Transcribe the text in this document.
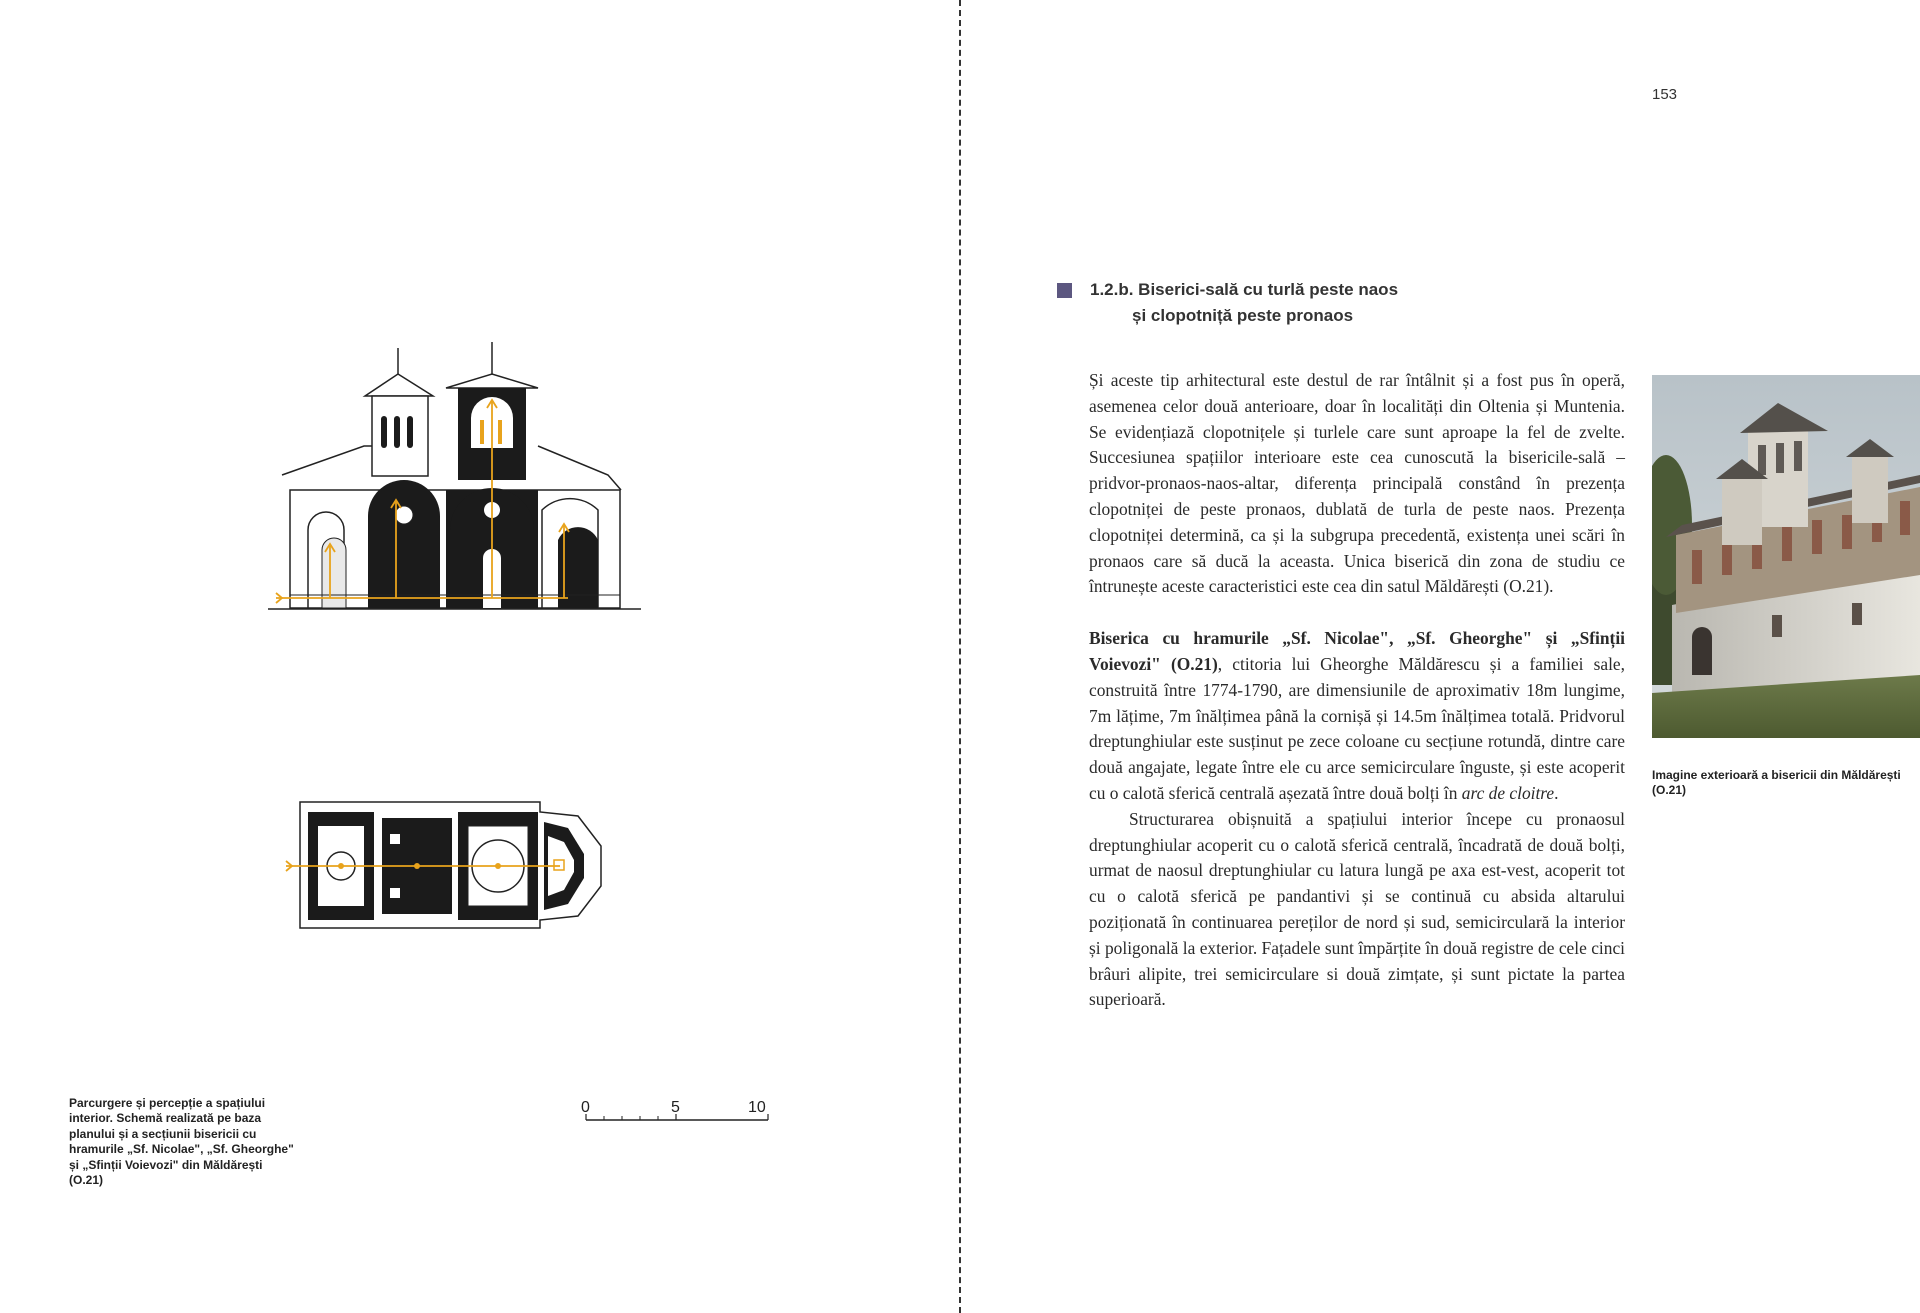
0	5	10
Parcurgere și percepție a spațiului interior. Schemă realizată pe baza planului și a secțiunii bisericii cu hramurile „Sf. Nicolae", „Sf. Gheorghe" și „Sfinții Voievozi" din Măldărești (O.21)
153
1.2.b. Biserici-sală cu turlă peste naos
și clopotniță peste pronaos

Și aceste tip arhitectural este destul de rar întâlnit și a fost pus în operă, asemenea celor două anterioare, doar în localități din Oltenia și Muntenia. Se evidențiază clopotnițele și turlele care sunt aproape la fel de zvelte. Succesiunea spațiilor interioare este cea cunoscută la bisericile-sală – pridvor-pronaos-naos-altar, diferența principală constând în prezența clopotniței de peste pronaos, dublată de turla de peste naos. Prezența clopotniței determină, ca și la subgrupa precedentă, existența unei scări în pronaos care să ducă la aceasta. Unica biserică din zona de studiu ce întrunește aceste caracteristici este cea din satul Măldărești (O.21).

Biserica cu hramurile „Sf. Nicolae", „Sf. Gheorghe" și „Sfinții Voievozi" (O.21), ctitoria lui Gheorghe Măldărescu și a familiei sale, construită între 1774-1790, are dimensiunile de aproximativ 18m lungime, 7m lățime, 7m înălțimea până la cornișă și 14.5m înălțimea totală. Pridvorul dreptunghiular este susținut pe zece coloane cu secțiune rotundă, dintre care două angajate, legate între ele cu arce semicirculare înguste, și este acoperit cu o calotă sferică centrală așezată între două bolți în arc de cloitre.

Structurarea obișnuită a spațiului interior începe cu pronaosul dreptunghiular acoperit cu o calotă sferică centrală, încadrată de două bolți, urmat de naosul dreptunghiular cu latura lungă pe axa est-vest, acoperit tot cu o calotă sferică pe pandantivi și se continuă cu absida altarului poziționată în continuarea pereților de nord și sud, semicirculară la interior și poligonală la exterior. Fațadele sunt împărțite în două registre de cele cinci brâuri alipite, trei semicirculare si două zimțate, și sunt pictate la partea superioară.

Imagine exterioară a bisericii din Măldărești (O.21)
